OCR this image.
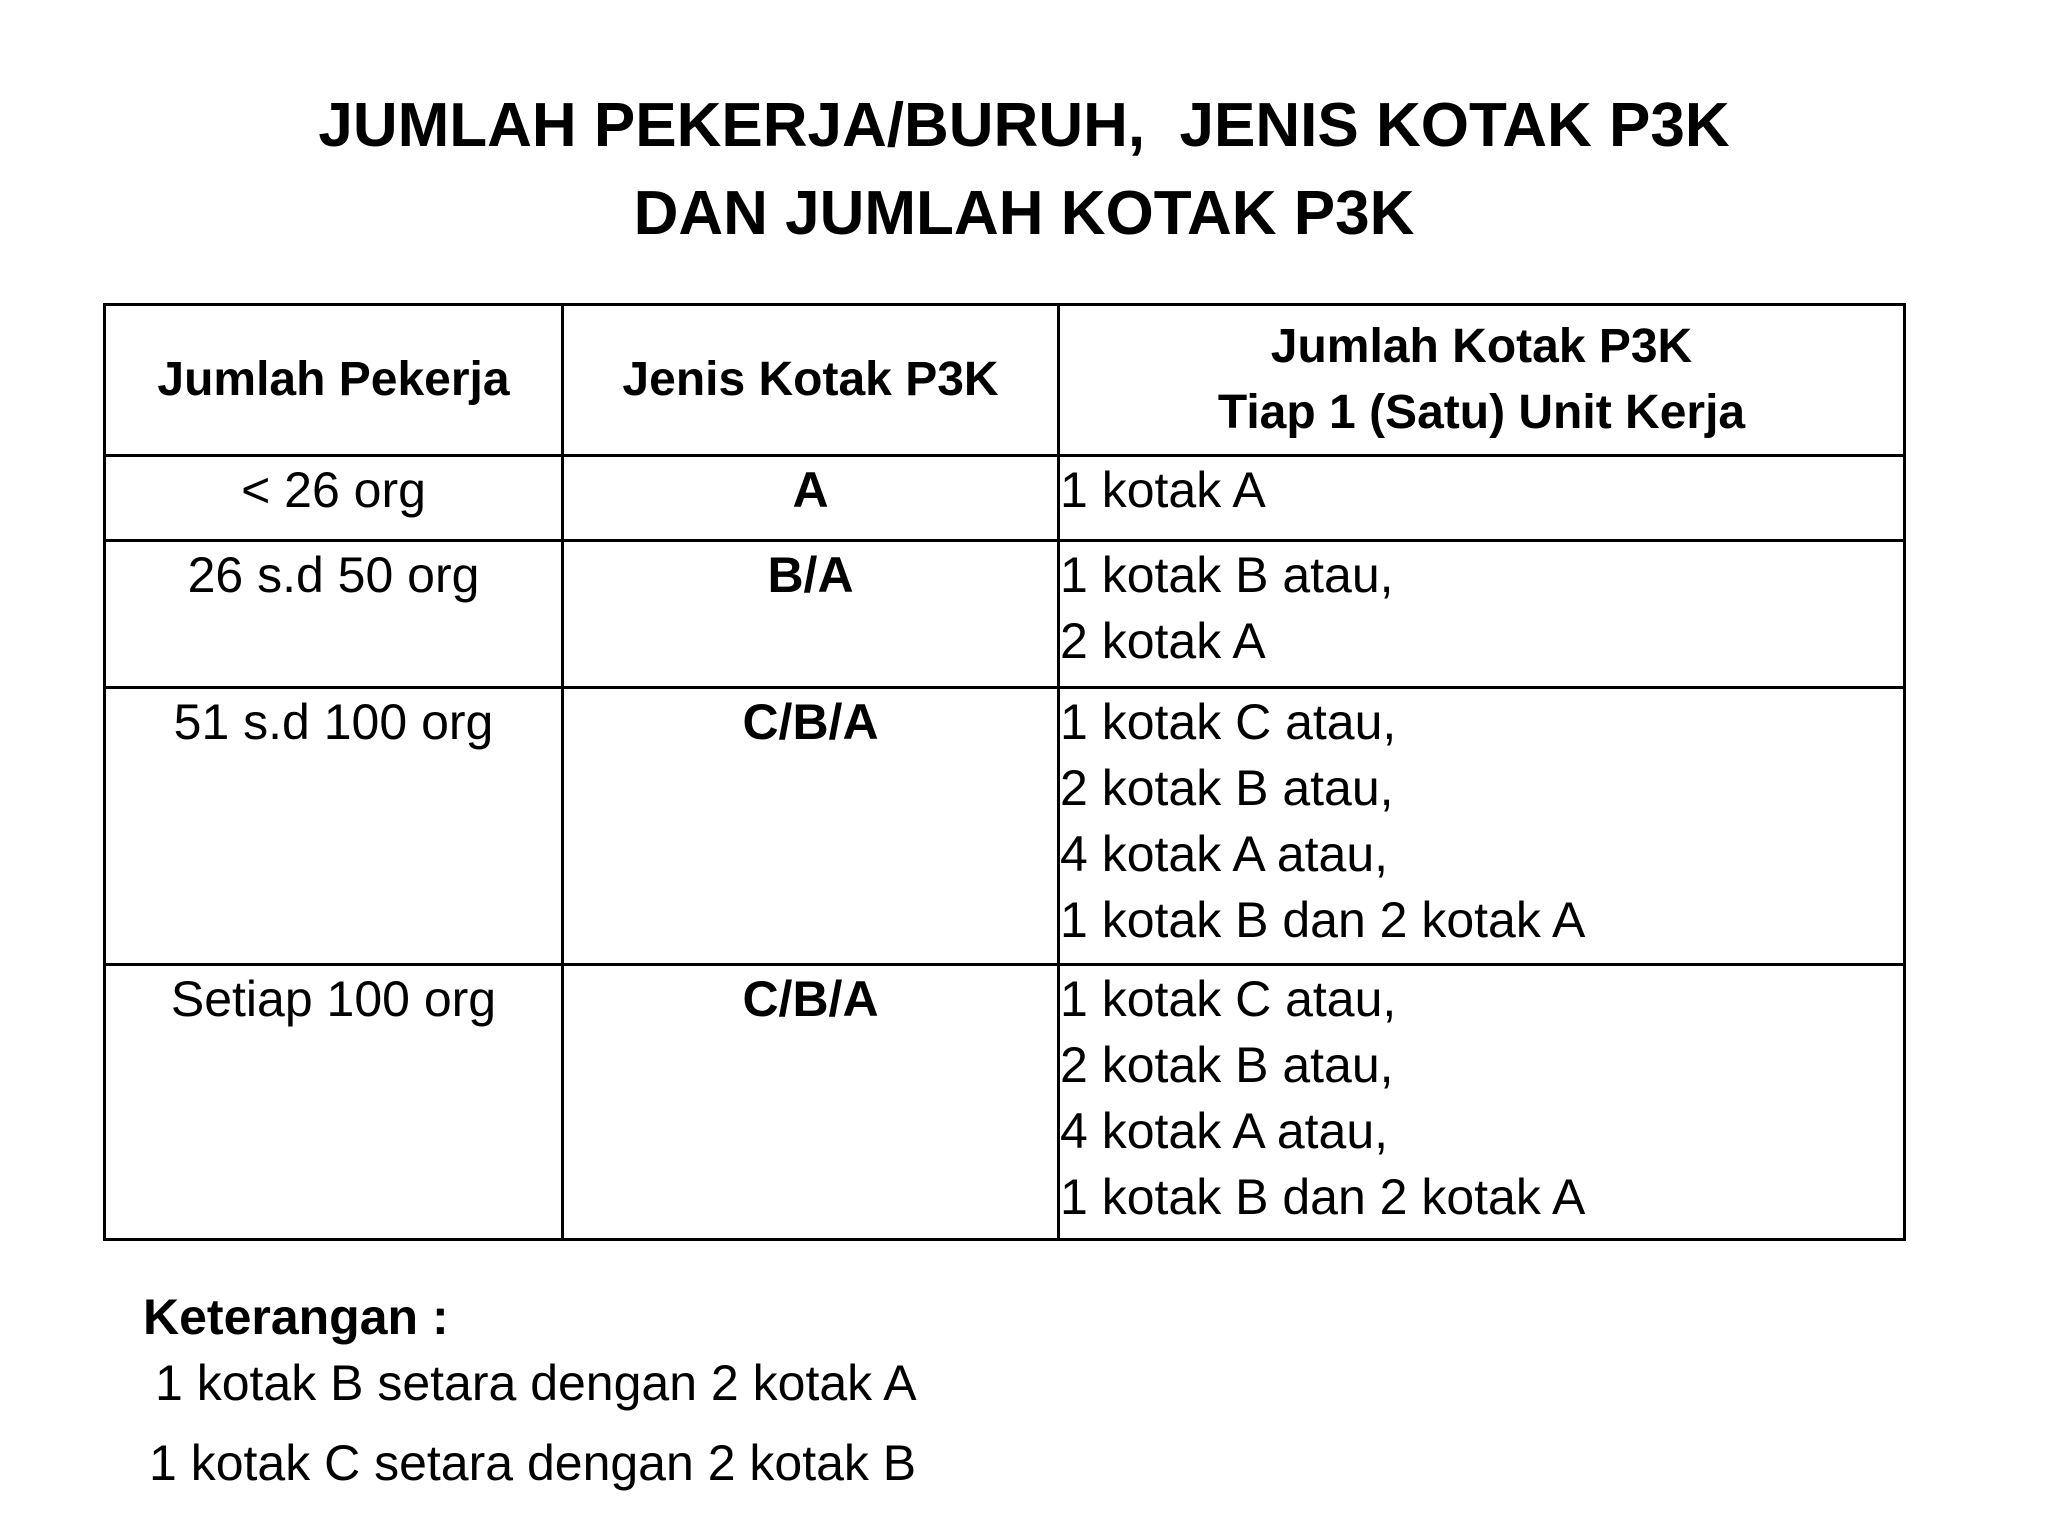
JUMLAH PEKERJA/BURUH,  JENIS KOTAK P3K
DAN JUMLAH KOTAK P3K
Jumlah Pekerja	Jenis Kotak P3K	Jumlah Kotak P3K
Tiap 1 (Satu) Unit Kerja

< 26 org	A	1 kotak A

26 s.d 50 org	B/A	1 kotak B atau,
2 kotak A

51 s.d 100 org	C/B/A	1 kotak C atau,
2 kotak B atau,
4 kotak A atau,
1 kotak B dan 2 kotak A

Setiap 100 org	C/B/A	1 kotak C atau,
2 kotak B atau,
4 kotak A atau,
1 kotak B dan 2 kotak A
Keterangan :
1 kotak B setara dengan 2 kotak A
1 kotak C setara dengan 2 kotak B
